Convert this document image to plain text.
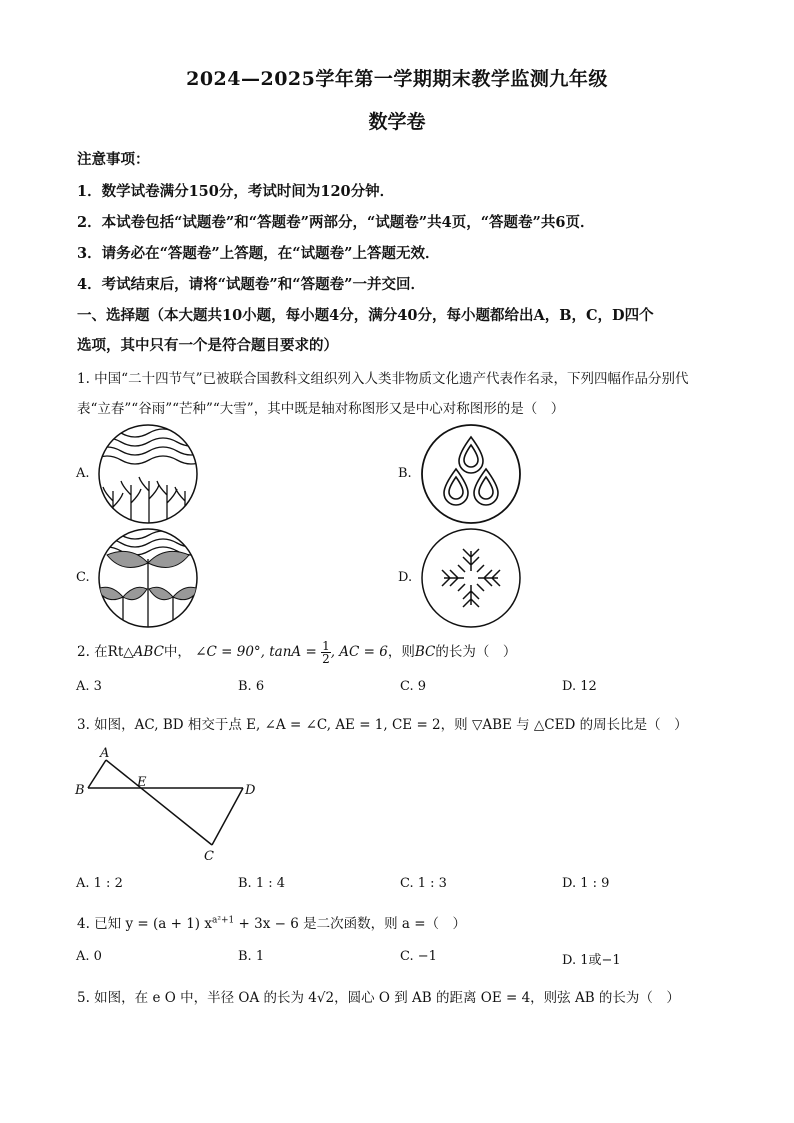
2024—2025学年第一学期期末教学监测九年级
数学卷
注意事项：
1．数学试卷满分150分，考试时间为120分钟．
2．本试卷包括“试题卷”和“答题卷”两部分，“试题卷”共4页，“答题卷”共6页．
3．请务必在“答题卷”上答题，在“试题卷”上答题无效．
4．考试结束后，请将“试题卷”和“答题卷”一并交回．
一、选择题（本大题共10小题，每小题4分，满分40分，每小题都给出A，B，C，D四个
选项，其中只有一个是符合题目要求的）
1. 中国“二十四节气”已被联合国教科文组织列入人类非物质文化遗产代表作名录，下列四幅作品分别代
表“立春”“谷雨”“芒种”“大雪”，其中既是轴对称图形又是中心对称图形的是（　）
A.	B.
C.	D.
2. 在Rt△ABC中， ∠C = 90°, $\tan A = \frac{1}{2}$ , AC = 6，则BC的长为（　）
A. 3	B. 6	C. 9	D. 12
3. 如图，AC, BD 相交于点 E, ∠A = ∠C, AE = 1, CE = 2，则 ▽ABE 与 △CED 的周长比是（　）
A
B
E
D
C
A. 1 : 2	B. 1 : 4	C. 1 : 3	D. 1 : 9
4. 已知 y = (a + 1) $x^{a^2+1} + 3x - 6$ 是二次函数，则 a =（　）
A. 0	B. 1	C. −1	D. 1或−1
5. 如图，在 e O 中，半径 OA 的长为 4√2，圆心 O 到 AB 的距离 OE = 4，则弦 AB 的长为（　）
